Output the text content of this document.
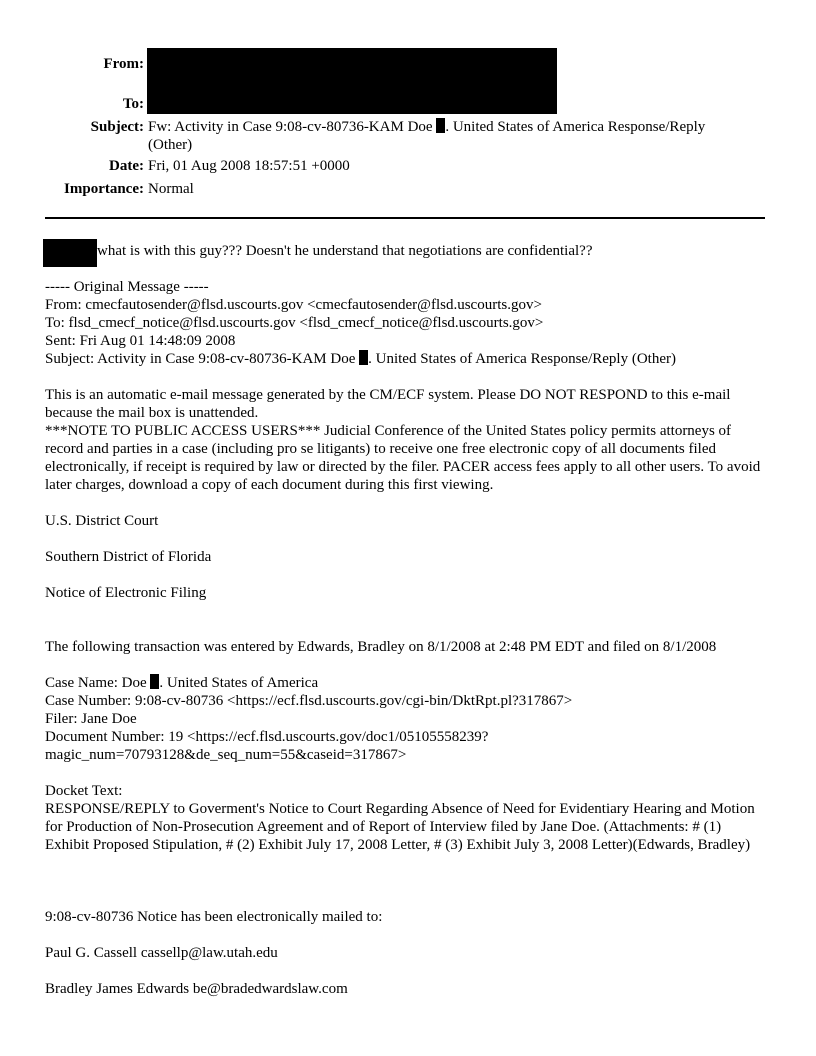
From:
To:
Subject: Fw: Activity in Case 9:08-cv-80736-KAM Doe . United States of America Response/Reply
(Other)
Date: Fri, 01 Aug 2008 18:57:51 +0000
Importance: Normal
what is with this guy??? Doesn't he understand that negotiations are confidential??
----- Original Message -----
From: cmecfautosender@flsd.uscourts.gov <cmecfautosender@flsd.uscourts.gov>
To: flsd_cmecf_notice@flsd.uscourts.gov <flsd_cmecf_notice@flsd.uscourts.gov>
Sent: Fri Aug 01 14:48:09 2008
Subject: Activity in Case 9:08-cv-80736-KAM Doe . United States of America Response/Reply (Other)
This is an automatic e-mail message generated by the CM/ECF system. Please DO NOT RESPOND to this e-mail because the mail box is unattended.
***NOTE TO PUBLIC ACCESS USERS*** Judicial Conference of the United States policy permits attorneys of record and parties in a case (including pro se litigants) to receive one free electronic copy of all documents filed electronically, if receipt is required by law or directed by the filer. PACER access fees apply to all other users. To avoid later charges, download a copy of each document during this first viewing.
U.S. District Court
Southern District of Florida
Notice of Electronic Filing
The following transaction was entered by Edwards, Bradley on 8/1/2008 at 2:48 PM EDT and filed on 8/1/2008
Case Name: Doe . United States of America
Case Number: 9:08-cv-80736 <https://ecf.flsd.uscourts.gov/cgi-bin/DktRpt.pl?317867>
Filer: Jane Doe
Document Number: 19 <https://ecf.flsd.uscourts.gov/doc1/05105558239?
magic_num=70793128&de_seq_num=55&caseid=317867>
Docket Text:
RESPONSE/REPLY to Goverment's Notice to Court Regarding Absence of Need for Evidentiary Hearing and Motion for Production of Non-Prosecution Agreement and of Report of Interview filed by Jane Doe. (Attachments: # (1) Exhibit Proposed Stipulation, # (2) Exhibit July 17, 2008 Letter, # (3) Exhibit July 3, 2008 Letter)(Edwards, Bradley)
9:08-cv-80736 Notice has been electronically mailed to:
Paul G. Cassell cassellp@law.utah.edu
Bradley James Edwards be@bradedwardslaw.com
